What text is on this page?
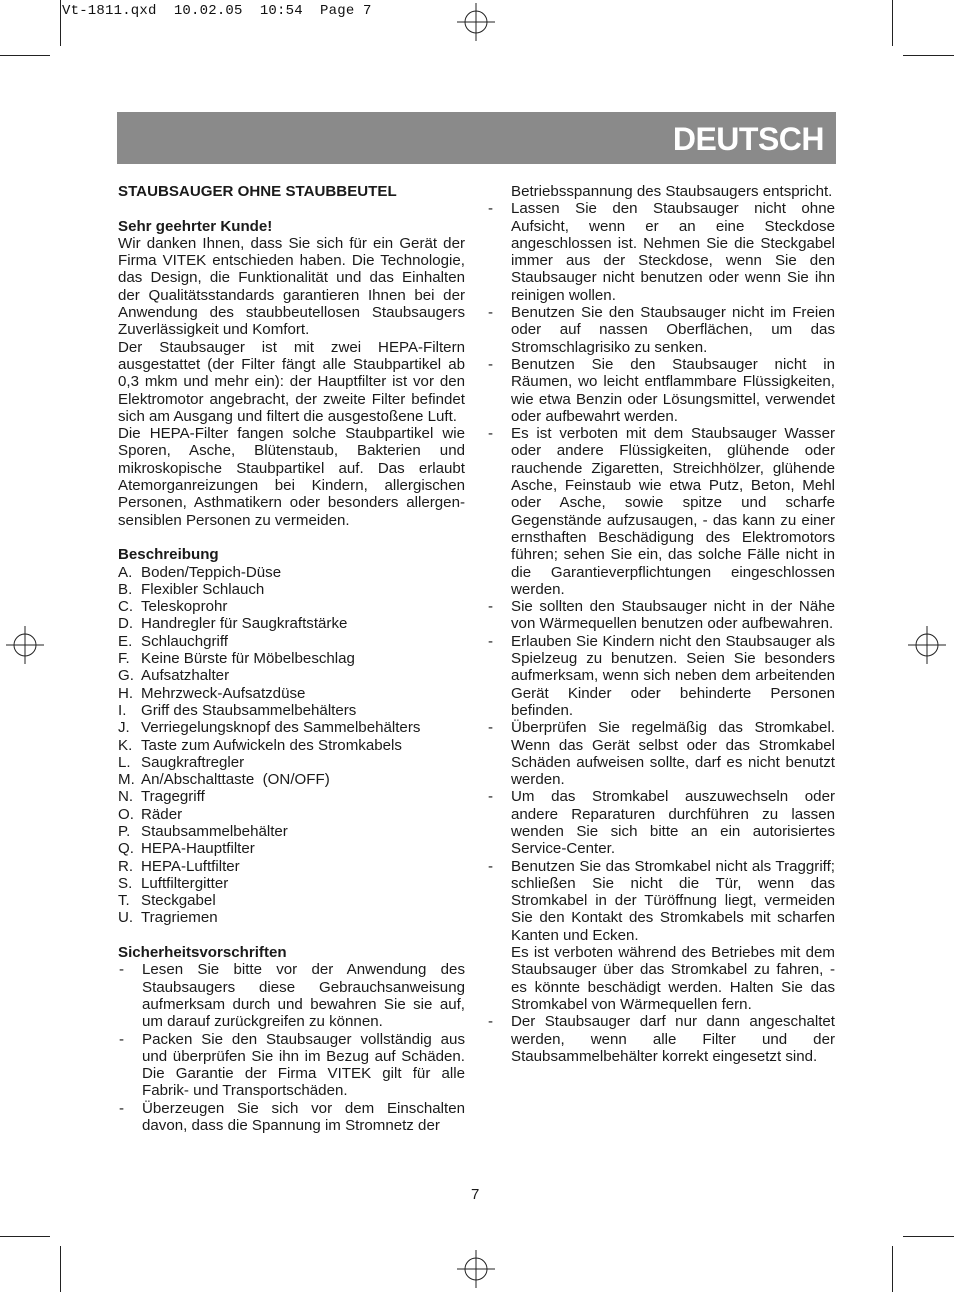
Vt-1811.qxd  10.02.05  10:54  Page 7
DEUTSCH

STAUBSAUGER OHNE STAUBBEUTEL

Sehr geehrter Kunde!

Wir danken Ihnen, dass Sie sich für ein Gerät der Firma VITEK entschieden haben. Die Technologie, das Design, die Funktionalität und das Einhalten der Qualitätsstandards garantieren Ihnen bei der Anwendung des staubbeutellosen Staubsaugers Zuverlässigkeit und Komfort.

Der Staubsauger ist mit zwei HEPA-Filtern ausgestattet (der Filter fängt alle Staubpartikel ab 0,3 mkm und mehr ein): der Hauptfilter ist vor den Elektromotor angebracht, der zweite Filter befindet sich am Ausgang und filtert die ausgestoßene Luft.

Die HEPA-Filter fangen solche Staubpartikel wie Sporen, Asche, Blütenstaub, Bakterien und mikroskopische Staubpartikel auf. Das erlaubt Atemorganreizungen bei Kindern, allergischen Personen, Asthmatikern oder besonders allergen-sensiblen Personen zu vermeiden.

Beschreibung

A. Boden/Teppich-Düse
B. Flexibler Schlauch
C. Teleskoprohr
D. Handregler für Saugkraftstärke
E. Schlauchgriff
F. Keine Bürste für Möbelbeschlag
G. Aufsatzhalter
H. Mehrzweck-Aufsatzdüse
I. Griff des Staubsammelbehälters
J. Verriegelungsknopf des Sammelbehälters
K. Taste zum Aufwickeln des Stromkabels
L. Saugkraftregler
M. An/Abschalttaste  (ON/OFF)
N. Tragegriff
O. Räder
P. Staubsammelbehälter
Q. HEPA-Hauptfilter
R. HEPA-Luftfilter
S. Luftfiltergitter
T. Steckgabel
U. Tragriemen

Sicherheitsvorschriften

-	Lesen Sie bitte vor der Anwendung des Staubsaugers diese Gebrauchsanweisung aufmerksam durch und bewahren Sie sie auf, um darauf zurückgreifen zu können.

-	Packen Sie den Staubsauger vollständig aus und überprüfen Sie ihn im Bezug auf Schäden. Die Garantie der Firma VITEK gilt für alle Fabrik- und Transportschäden.

-	Überzeugen Sie sich vor dem Einschalten davon, dass die Spannung im Stromnetz der

Betriebsspannung des Staubsaugers entspricht.

-	Lassen Sie den Staubsauger nicht ohne Aufsicht, wenn er an eine Steckdose angeschlossen ist. Nehmen Sie die Steckgabel immer aus der Steckdose, wenn Sie den Staubsauger nicht benutzen oder wenn Sie ihn reinigen wollen.

-	Benutzen Sie den Staubsauger nicht im Freien oder auf nassen Oberflächen, um das Stromschlagrisiko zu senken.

-	Benutzen Sie den Staubsauger nicht in Räumen, wo leicht entflammbare Flüssigkeiten, wie etwa Benzin oder Lösungsmittel, verwendet oder aufbewahrt werden.

-	Es ist verboten mit dem Staubsauger Wasser oder andere Flüssigkeiten, glühende oder rauchende Zigaretten, Streichhölzer, glühende Asche, Feinstaub wie etwa Putz, Beton, Mehl oder Asche, sowie spitze und scharfe Gegenstände aufzusaugen, - das kann zu einer ernsthaften Beschädigung des Elektromotors führen; sehen Sie ein, das solche Fälle nicht in die Garantieverpflichtungen eingeschlossen werden.

-	Sie sollten den Staubsauger nicht in der Nähe von Wärmequellen benutzen oder aufbewahren.

-	Erlauben Sie Kindern nicht den Staubsauger als Spielzeug zu benutzen. Seien Sie besonders aufmerksam, wenn sich neben dem arbeitenden Gerät Kinder oder behinderte Personen befinden.

-	Überprüfen Sie regelmäßig das Stromkabel. Wenn das Gerät selbst oder das Stromkabel Schäden aufweisen sollte, darf es nicht benutzt werden.

-	Um das Stromkabel auszuwechseln oder andere Reparaturen durchführen zu lassen wenden Sie sich bitte an ein autorisiertes Service-Center.

-	Benutzen Sie das Stromkabel nicht als Traggriff; schließen Sie nicht die Tür, wenn das Stromkabel in der Türöffnung liegt, vermeiden Sie den Kontakt des Stromkabels mit scharfen Kanten und Ecken.

Es ist verboten während des Betriebes mit dem Staubsauger über das Stromkabel zu fahren, - es könnte beschädigt werden. Halten Sie das Stromkabel von Wärmequellen fern.

-	Der Staubsauger darf nur dann angeschaltet werden, wenn alle Filter und der Staubsammelbehälter korrekt eingesetzt sind.

7
